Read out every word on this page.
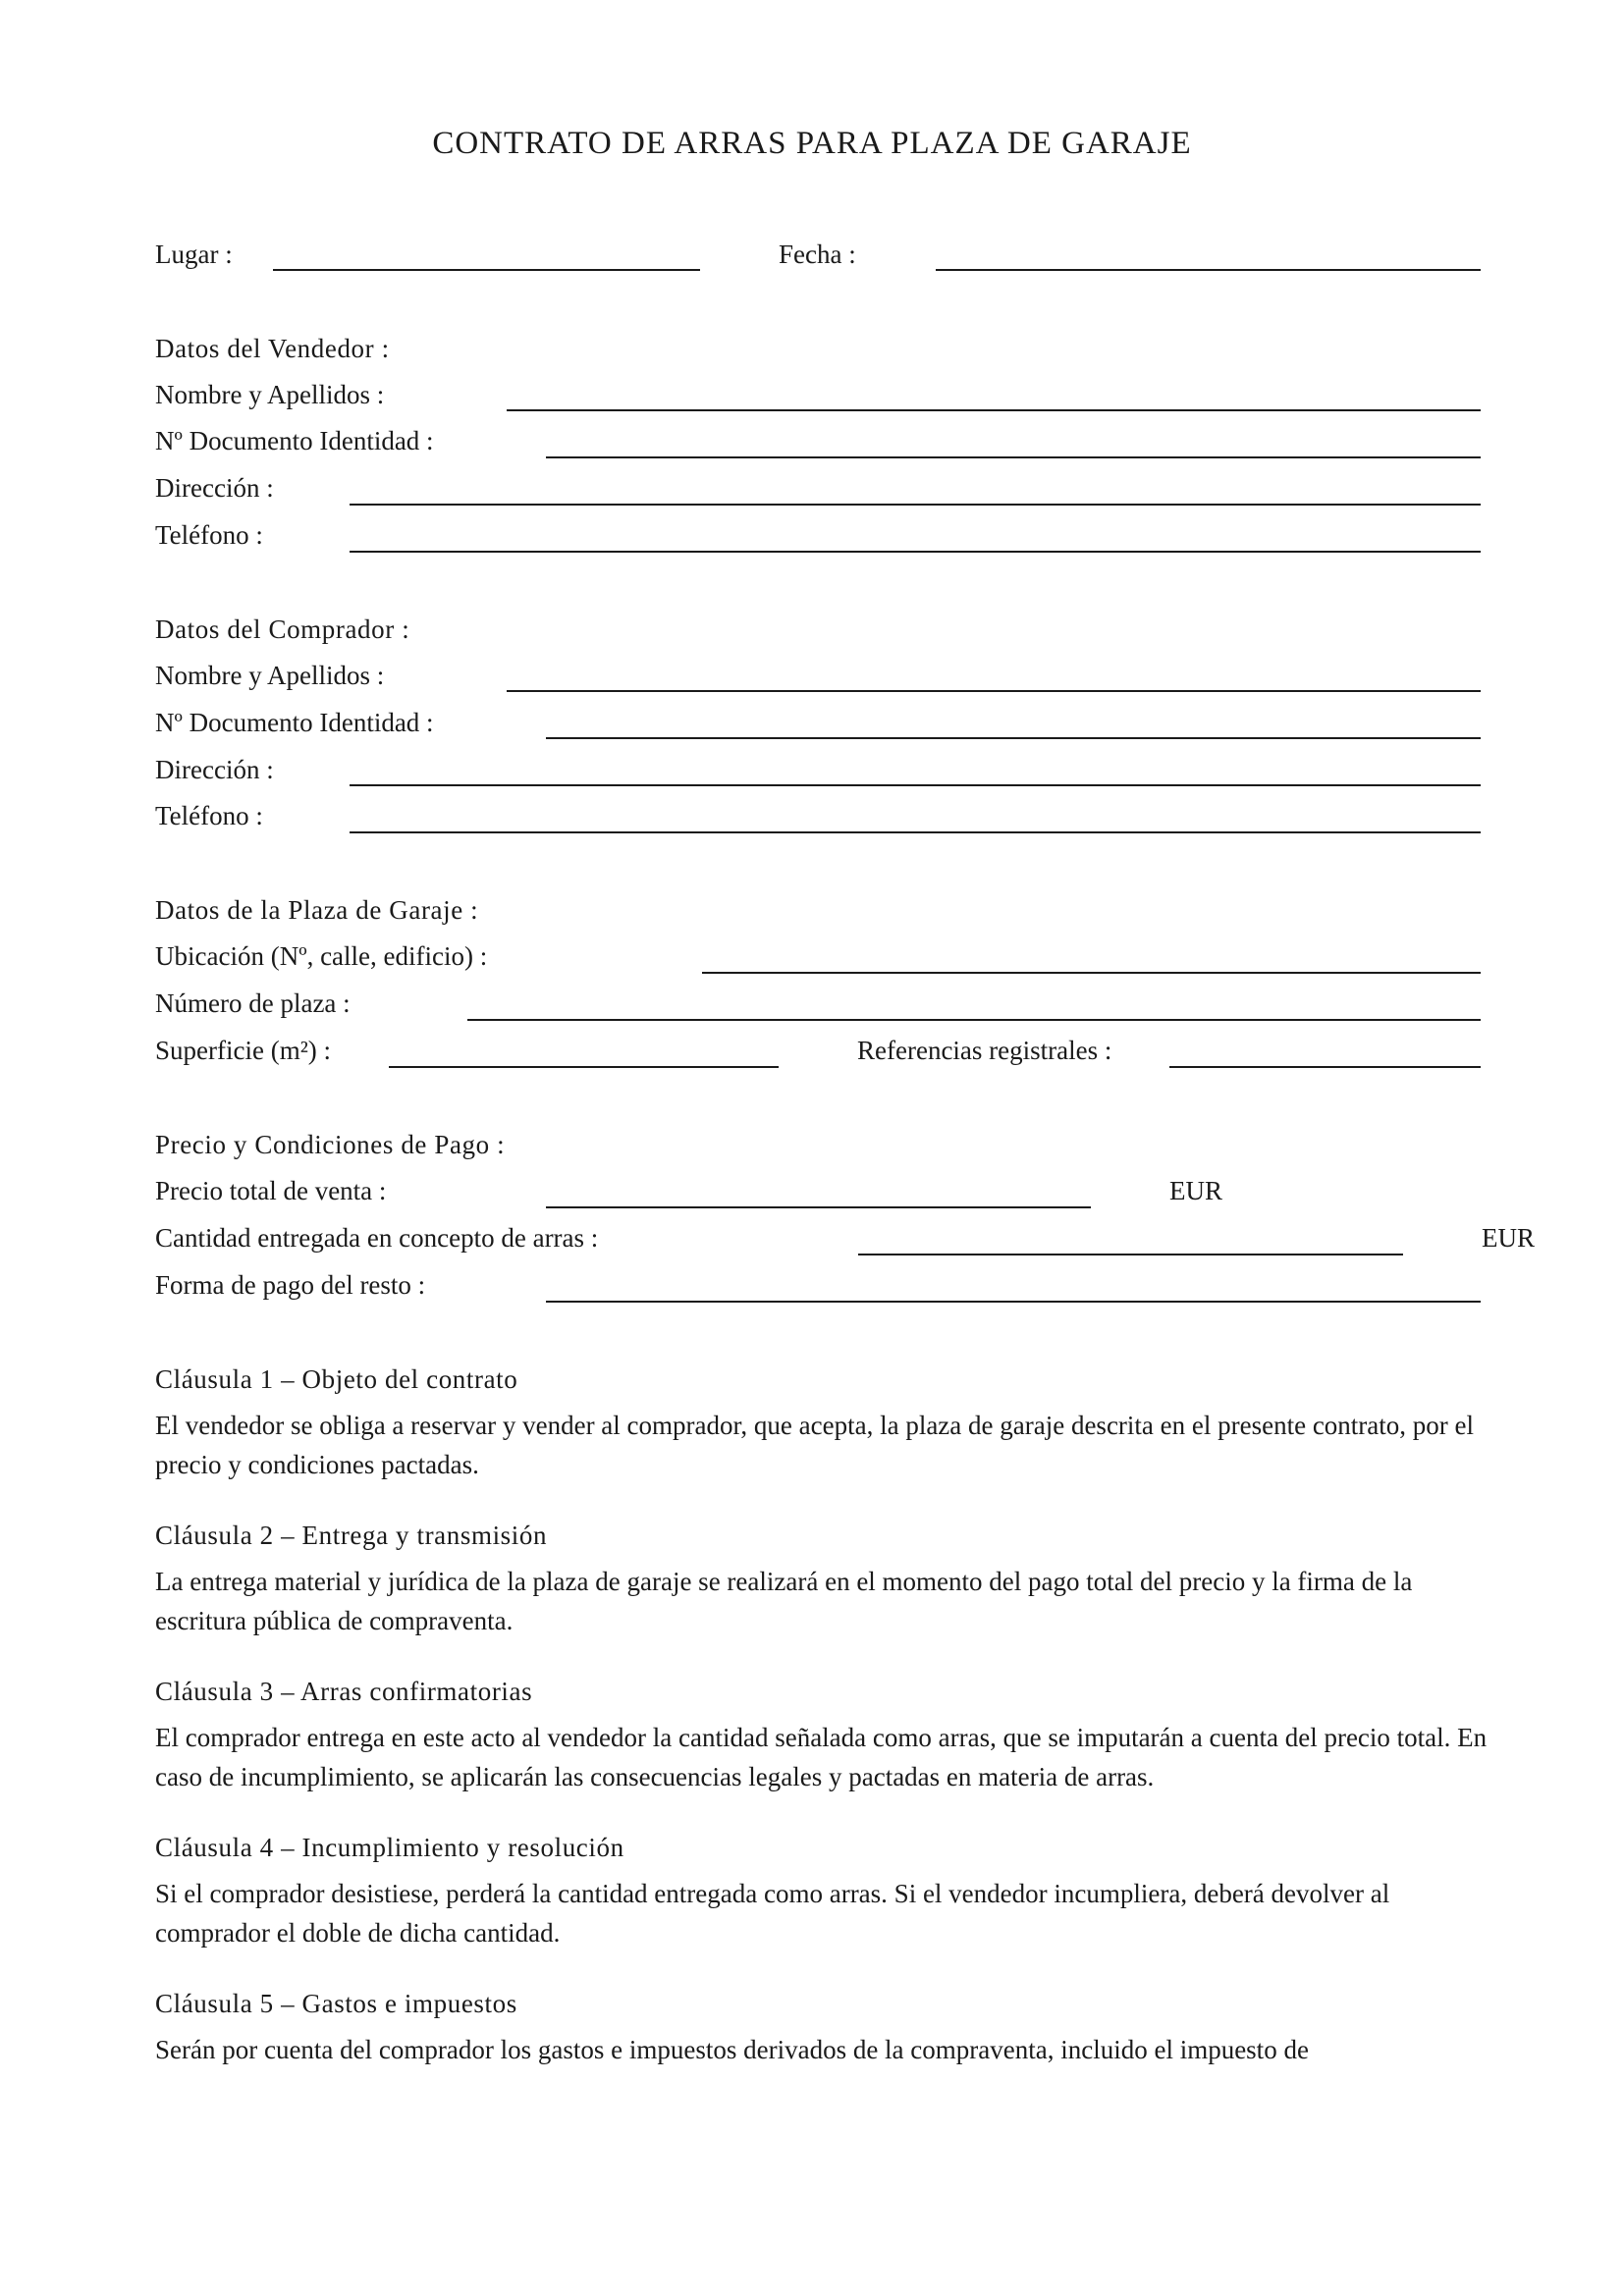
CONTRATO DE ARRAS PARA PLAZA DE GARAJE
Lugar :	Fecha :
Datos del Vendedor :
Nombre y Apellidos :
Nº Documento Identidad :
Dirección :
Teléfono :
Datos del Comprador :
Nombre y Apellidos :
Nº Documento Identidad :
Dirección :
Teléfono :
Datos de la Plaza de Garaje :
Ubicación (Nº, calle, edificio) :
Número de plaza :
Superficie (m²) :	Referencias registrales :
Precio y Condiciones de Pago :
Precio total de venta :	EUR
Cantidad entregada en concepto de arras :	EUR
Forma de pago del resto :
Cláusula 1 – Objeto del contrato

El vendedor se obliga a reservar y vender al comprador, que acepta, la plaza de garaje descrita en el presente contrato, por el precio y condiciones pactadas.

Cláusula 2 – Entrega y transmisión

La entrega material y jurídica de la plaza de garaje se realizará en el momento del pago total del precio y la firma de la escritura pública de compraventa.

Cláusula 3 – Arras confirmatorias

El comprador entrega en este acto al vendedor la cantidad señalada como arras, que se imputarán a cuenta del precio total. En caso de incumplimiento, se aplicarán las consecuencias legales y pactadas en materia de arras.

Cláusula 4 – Incumplimiento y resolución

Si el comprador desistiese, perderá la cantidad entregada como arras. Si el vendedor incumpliera, deberá devolver al comprador el doble de dicha cantidad.

Cláusula 5 – Gastos e impuestos

Serán por cuenta del comprador los gastos e impuestos derivados de la compraventa, incluido el impuesto de
